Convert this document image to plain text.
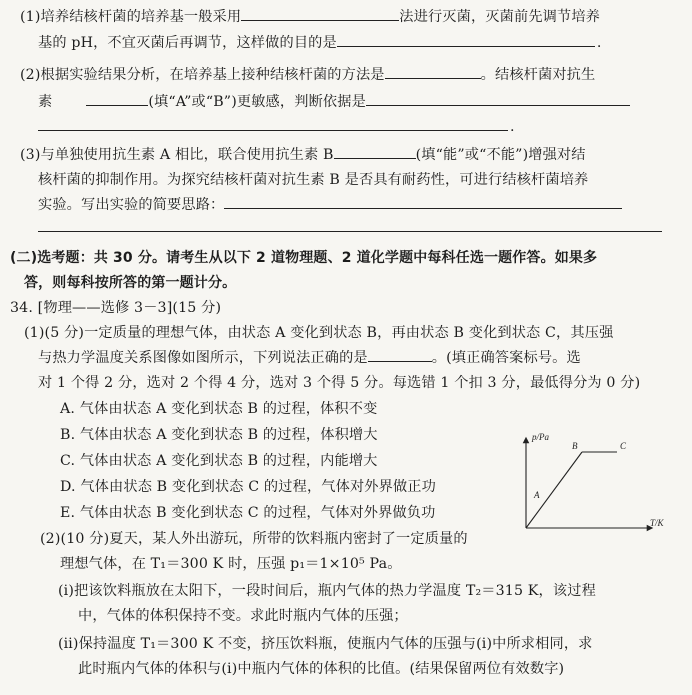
(1)培养结核杆菌的培养基一般采用	法进行灭菌，灭菌前先调节培养
基的 pH，不宜灭菌后再调节，这样做的目的是	.
(2)根据实验结果分析，在培养基上接种结核杆菌的方法是	。结核杆菌对抗生
素	(填“A”或“B”)更敏感，判断依据是
.
(3)与单独使用抗生素 A 相比，联合使用抗生素 B	(填“能”或“不能”)增强对结
核杆菌的抑制作用。为探究结核杆菌对抗生素 B 是否具有耐药性，可进行结核杆菌培养
实验。写出实验的简要思路：
(二)选考题：共 30 分。请考生从以下 2 道物理题、2 道化学题中每科任选一题作答。如果多
答，则每科按所答的第一题计分。
34. [物理——选修 3－3](15 分)
(1)(5 分)一定质量的理想气体，由状态 A 变化到状态 B，再由状态 B 变化到状态 C，其压强
与热力学温度关系图像如图所示，下列说法正确的是	。(填正确答案标号。选
对 1 个得 2 分，选对 2 个得 4 分，选对 3 个得 5 分。每选错 1 个扣 3 分，最低得分为 0 分)
A. 气体由状态 A 变化到状态 B 的过程，体积不变
B. 气体由状态 A 变化到状态 B 的过程，体积增大
C. 气体由状态 A 变化到状态 B 的过程，内能增大
D. 气体由状态 B 变化到状态 C 的过程，气体对外界做正功
E. 气体由状态 B 变化到状态 C 的过程，气体对外界做负功
(2)(10 分)夏天，某人外出游玩，所带的饮料瓶内密封了一定质量的
理想气体，在 T₁＝300 K 时，压强 p₁＝1×10⁵ Pa。
(ⅰ)把该饮料瓶放在太阳下，一段时间后，瓶内气体的热力学温度 T₂＝315 K，该过程
中，气体的体积保持不变。求此时瓶内气体的压强；
(ⅱ)保持温度 T₁＝300 K 不变，挤压饮料瓶，使瓶内气体的压强与(ⅰ)中所求相同，求
此时瓶内气体的体积与(ⅰ)中瓶内气体的体积的比值。(结果保留两位有效数字)
p/Pa
T/K
A
B	C
